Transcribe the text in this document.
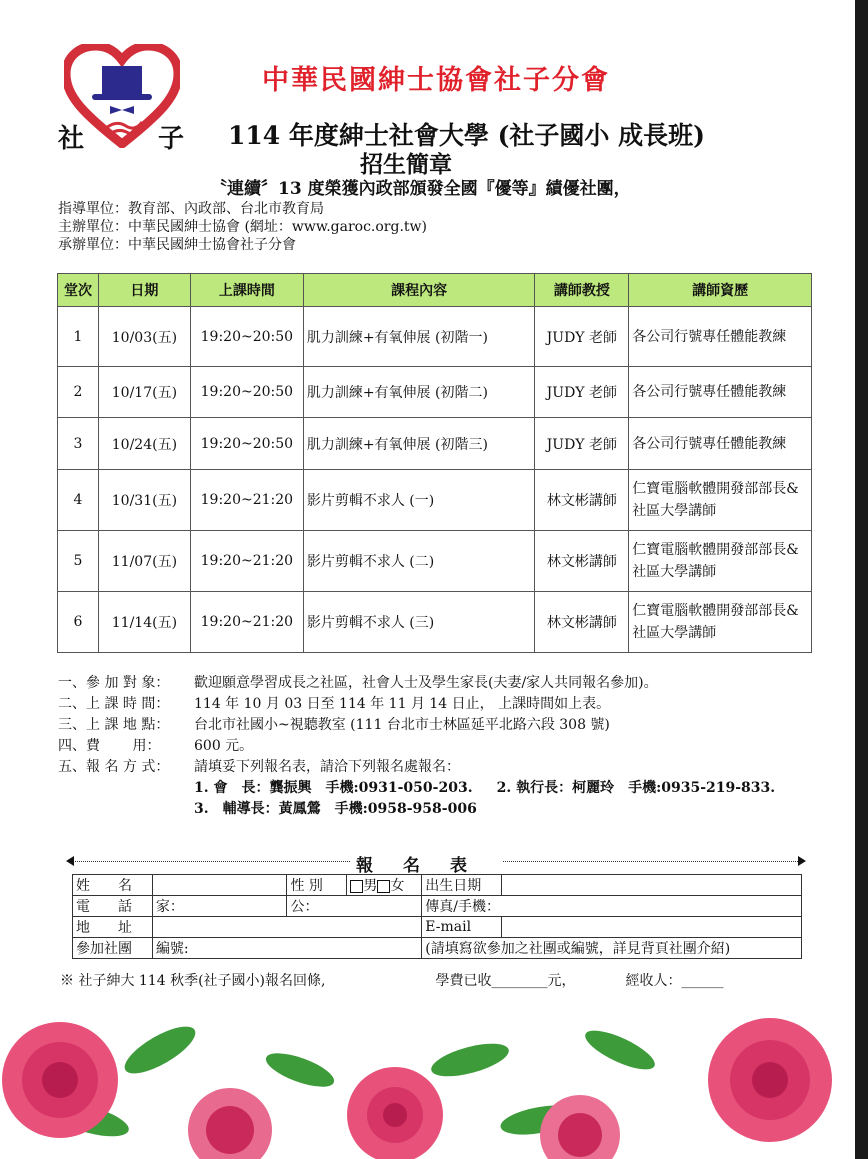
中華民國紳士協會社子分會
社	子 114 年度紳士社會大學 (社子國小 成長班)
招生簡章
〝連續〞13 度榮獲內政部頒發全國『優等』績優社團，
指導單位：教育部、內政部、台北市教育局
主辦單位：中華民國紳士協會 (網址：www.garoc.org.tw)
承辦單位：中華民國紳士協會社子分會
堂次	日期	上課時間	課程內容	講師教授	講師資歷
1	10/03(五)	19:20~20:50	肌力訓練+有氧伸展 (初階一)	JUDY 老師	各公司行號專任體能教練
2	10/17(五)	19:20~20:50	肌力訓練+有氧伸展 (初階二)	JUDY 老師	各公司行號專任體能教練
3	10/24(五)	19:20~20:50	肌力訓練+有氧伸展 (初階三)	JUDY 老師	各公司行號專任體能教練
4	10/31(五)	19:20~21:20	影片剪輯不求人 (一)	林文彬講師	仁寶電腦軟體開發部部長&
社區大學講師

5	11/07(五)	19:20~21:20	影片剪輯不求人 (二)	林文彬講師	仁寶電腦軟體開發部部長&
社區大學講師

6	11/14(五)	19:20~21:20	影片剪輯不求人 (三)	林文彬講師	仁寶電腦軟體開發部部長&
社區大學講師
一、參 加 對 象： 歡迎願意學習成長之社區，社會人士及學生家長(夫妻/家人共同報名參加)。
二、上 課 時 間： 114 年 10 月 03 日至 114 年 11 月 14 日止， 上課時間如上表。
三、上 課 地 點： 台北市社國小~視聽教室 (111 台北市士林區延平北路六段 308 號)
四、費　　 用： 600 元。
五、報 名 方 式： 請填妥下列報名表，請洽下列報名處報名：
1. 會　長：龔振興　手機:0931-050-203. 2. 執行長：柯麗玲　手機:0935-219-833.
3.　輔導長：黃鳳鶯　手機:0958-958-006
報名表
姓　　名		性 別	男 女	出生日期	
電　　話	家：	公：		傳真/手機：	
地　　址				E-mail	
參加社團	編號:			(請填寫欲參加之社團或編號，詳見背頁社團介紹)	
※ 社子紳大 114 秋季(社子國小)報名回條,	學費已收________元，	經收人：______
